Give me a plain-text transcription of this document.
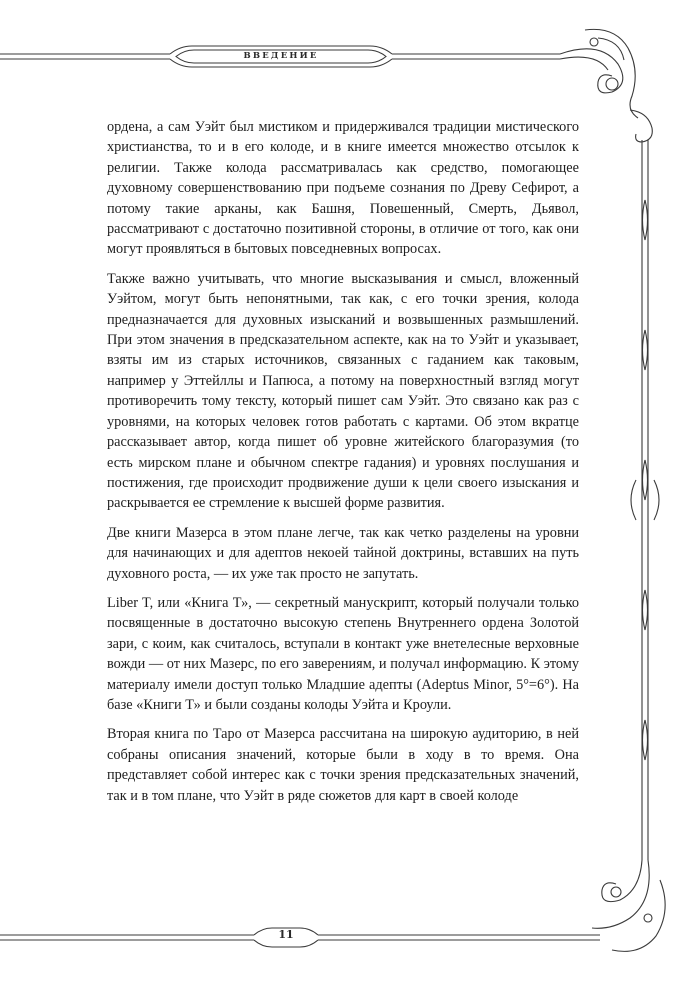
ВВЕДЕНИЕ

ордена, а сам Уэйт был мистиком и придерживался традиции мистического христианства, то и в его колоде, и в книге имеется множество отсылок к религии. Также колода рассматривалась как средство, помогающее духовному совершенствованию при подъеме сознания по Древу Сефирот, а потому такие арканы, как Башня, Повешенный, Смерть, Дьявол, рассматривают с достаточно позитивной стороны, в отличие от того, как они могут проявляться в бытовых повседневных вопросах.

Также важно учитывать, что многие высказывания и смысл, вложенный Уэйтом, могут быть непонятными, так как, с его точки зрения, колода предназначается для духовных изысканий и возвышенных размышлений. При этом значения в предсказательном аспекте, как на то Уэйт и указывает, взяты им из старых источников, связанных с гаданием как таковым, например у Эттейллы и Папюса, а потому на поверхностный взгляд могут противоречить тому тексту, который пишет сам Уэйт. Это связано как раз с уровнями, на которых человек готов работать с картами. Об этом вкратце рассказывает автор, когда пишет об уровне житейского благоразумия (то есть мирском плане и обычном спектре гадания) и уровнях послушания и постижения, где происходит продвижение души к цели своего изыскания и раскрывается ее стремление к высшей форме развития.

Две книги Мазерса в этом плане легче, так как четко разделены на уровни для начинающих и для адептов некоей тайной доктрины, вставших на путь духовного роста, — их уже так просто не запутать.

Liber T, или «Книга Т», — секретный манускрипт, который получали только посвященные в достаточно высокую степень Внутреннего ордена Золотой зари, с коим, как считалось, вступали в контакт уже внетелесные верховные вожди — от них Мазерс, по его заверениям, и получал информацию. К этому материалу имели доступ только Младшие адепты (Adeptus Minor, 5°=6°). На базе «Книги Т» и были созданы колоды Уэйта и Кроули.

Вторая книга по Таро от Мазерса рассчитана на широкую аудиторию, в ней собраны описания значений, которые были в ходу в то время. Она представляет собой интерес как с точки зрения предсказательных значений, так и в том плане, что Уэйт в ряде сюжетов для карт в своей колоде

11
